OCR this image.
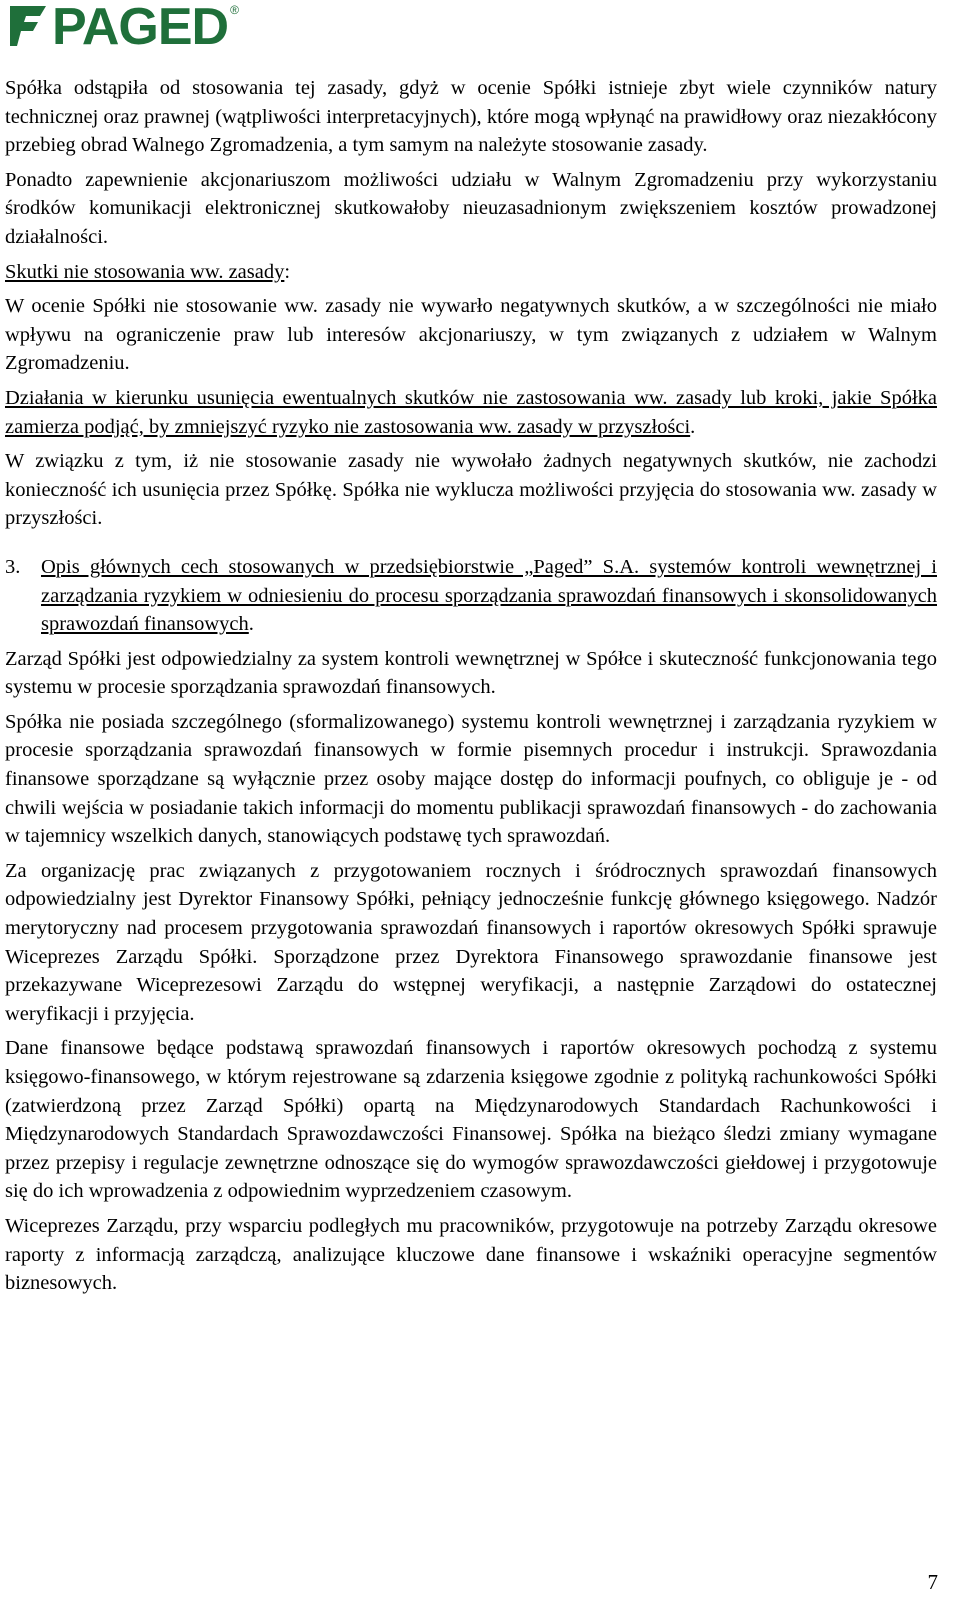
PAGED ®

Spółka odstąpiła od stosowania tej zasady, gdyż w ocenie Spółki istnieje zbyt wiele czynników natury technicznej oraz prawnej (wątpliwości interpretacyjnych), które mogą wpłynąć na prawidłowy oraz niezakłócony przebieg obrad Walnego Zgromadzenia, a tym samym na należyte stosowanie zasady.

Ponadto zapewnienie akcjonariuszom możliwości udziału w Walnym Zgromadzeniu przy wykorzystaniu środków komunikacji elektronicznej skutkowałoby nieuzasadnionym zwiększeniem kosztów prowadzonej działalności.

Skutki nie stosowania ww. zasady:

W ocenie Spółki nie stosowanie ww. zasady nie wywarło negatywnych skutków, a w szczególności nie miało wpływu na ograniczenie praw lub interesów akcjonariuszy, w tym związanych z udziałem w Walnym Zgromadzeniu.

Działania w kierunku usunięcia ewentualnych skutków nie zastosowania ww. zasady lub kroki, jakie Spółka zamierza podjąć, by zmniejszyć ryzyko nie zastosowania ww. zasady w przyszłości.

W związku z tym, iż nie stosowanie zasady nie wywołało żadnych negatywnych skutków, nie zachodzi konieczność ich usunięcia przez Spółkę. Spółka nie wyklucza możliwości przyjęcia do stosowania ww. zasady w przyszłości.

3.	Opis głównych cech stosowanych w przedsiębiorstwie „Paged” S.A. systemów kontroli wewnętrznej i zarządzania ryzykiem w odniesieniu do procesu sporządzania sprawozdań finansowych i skonsolidowanych sprawozdań finansowych.

Zarząd Spółki jest odpowiedzialny za system kontroli wewnętrznej w Spółce i skuteczność funkcjonowania tego systemu w procesie sporządzania sprawozdań finansowych.

Spółka nie posiada szczególnego (sformalizowanego) systemu kontroli wewnętrznej i zarządzania ryzykiem w procesie sporządzania sprawozdań finansowych w formie pisemnych procedur i instrukcji. Sprawozdania finansowe sporządzane są wyłącznie przez osoby mające dostęp do informacji poufnych, co obliguje je - od chwili wejścia w posiadanie takich informacji do momentu publikacji sprawozdań finansowych - do zachowania w tajemnicy wszelkich danych, stanowiących podstawę tych sprawozdań.

Za organizację prac związanych z przygotowaniem rocznych i śródrocznych sprawozdań finansowych odpowiedzialny jest Dyrektor Finansowy Spółki, pełniący jednocześnie funkcję głównego księgowego. Nadzór merytoryczny nad procesem przygotowania sprawozdań finansowych i raportów okresowych Spółki sprawuje Wiceprezes Zarządu Spółki. Sporządzone przez Dyrektora Finansowego sprawozdanie finansowe jest przekazywane Wiceprezesowi Zarządu do wstępnej weryfikacji, a następnie Zarządowi do ostatecznej weryfikacji i przyjęcia.

Dane finansowe będące podstawą sprawozdań finansowych i raportów okresowych pochodzą z systemu księgowo-finansowego, w którym rejestrowane są zdarzenia księgowe zgodnie z polityką rachunkowości Spółki (zatwierdzoną przez Zarząd Spółki) opartą na Międzynarodowych Standardach Rachunkowości i Międzynarodowych Standardach Sprawozdawczości Finansowej. Spółka na bieżąco śledzi zmiany wymagane przez przepisy i regulacje zewnętrzne odnoszące się do wymogów sprawozdawczości giełdowej i przygotowuje się do ich wprowadzenia z odpowiednim wyprzedzeniem czasowym.

Wiceprezes Zarządu, przy wsparciu podległych mu pracowników, przygotowuje na potrzeby Zarządu okresowe raporty z informacją zarządczą, analizujące kluczowe dane finansowe i wskaźniki operacyjne segmentów biznesowych.

7
